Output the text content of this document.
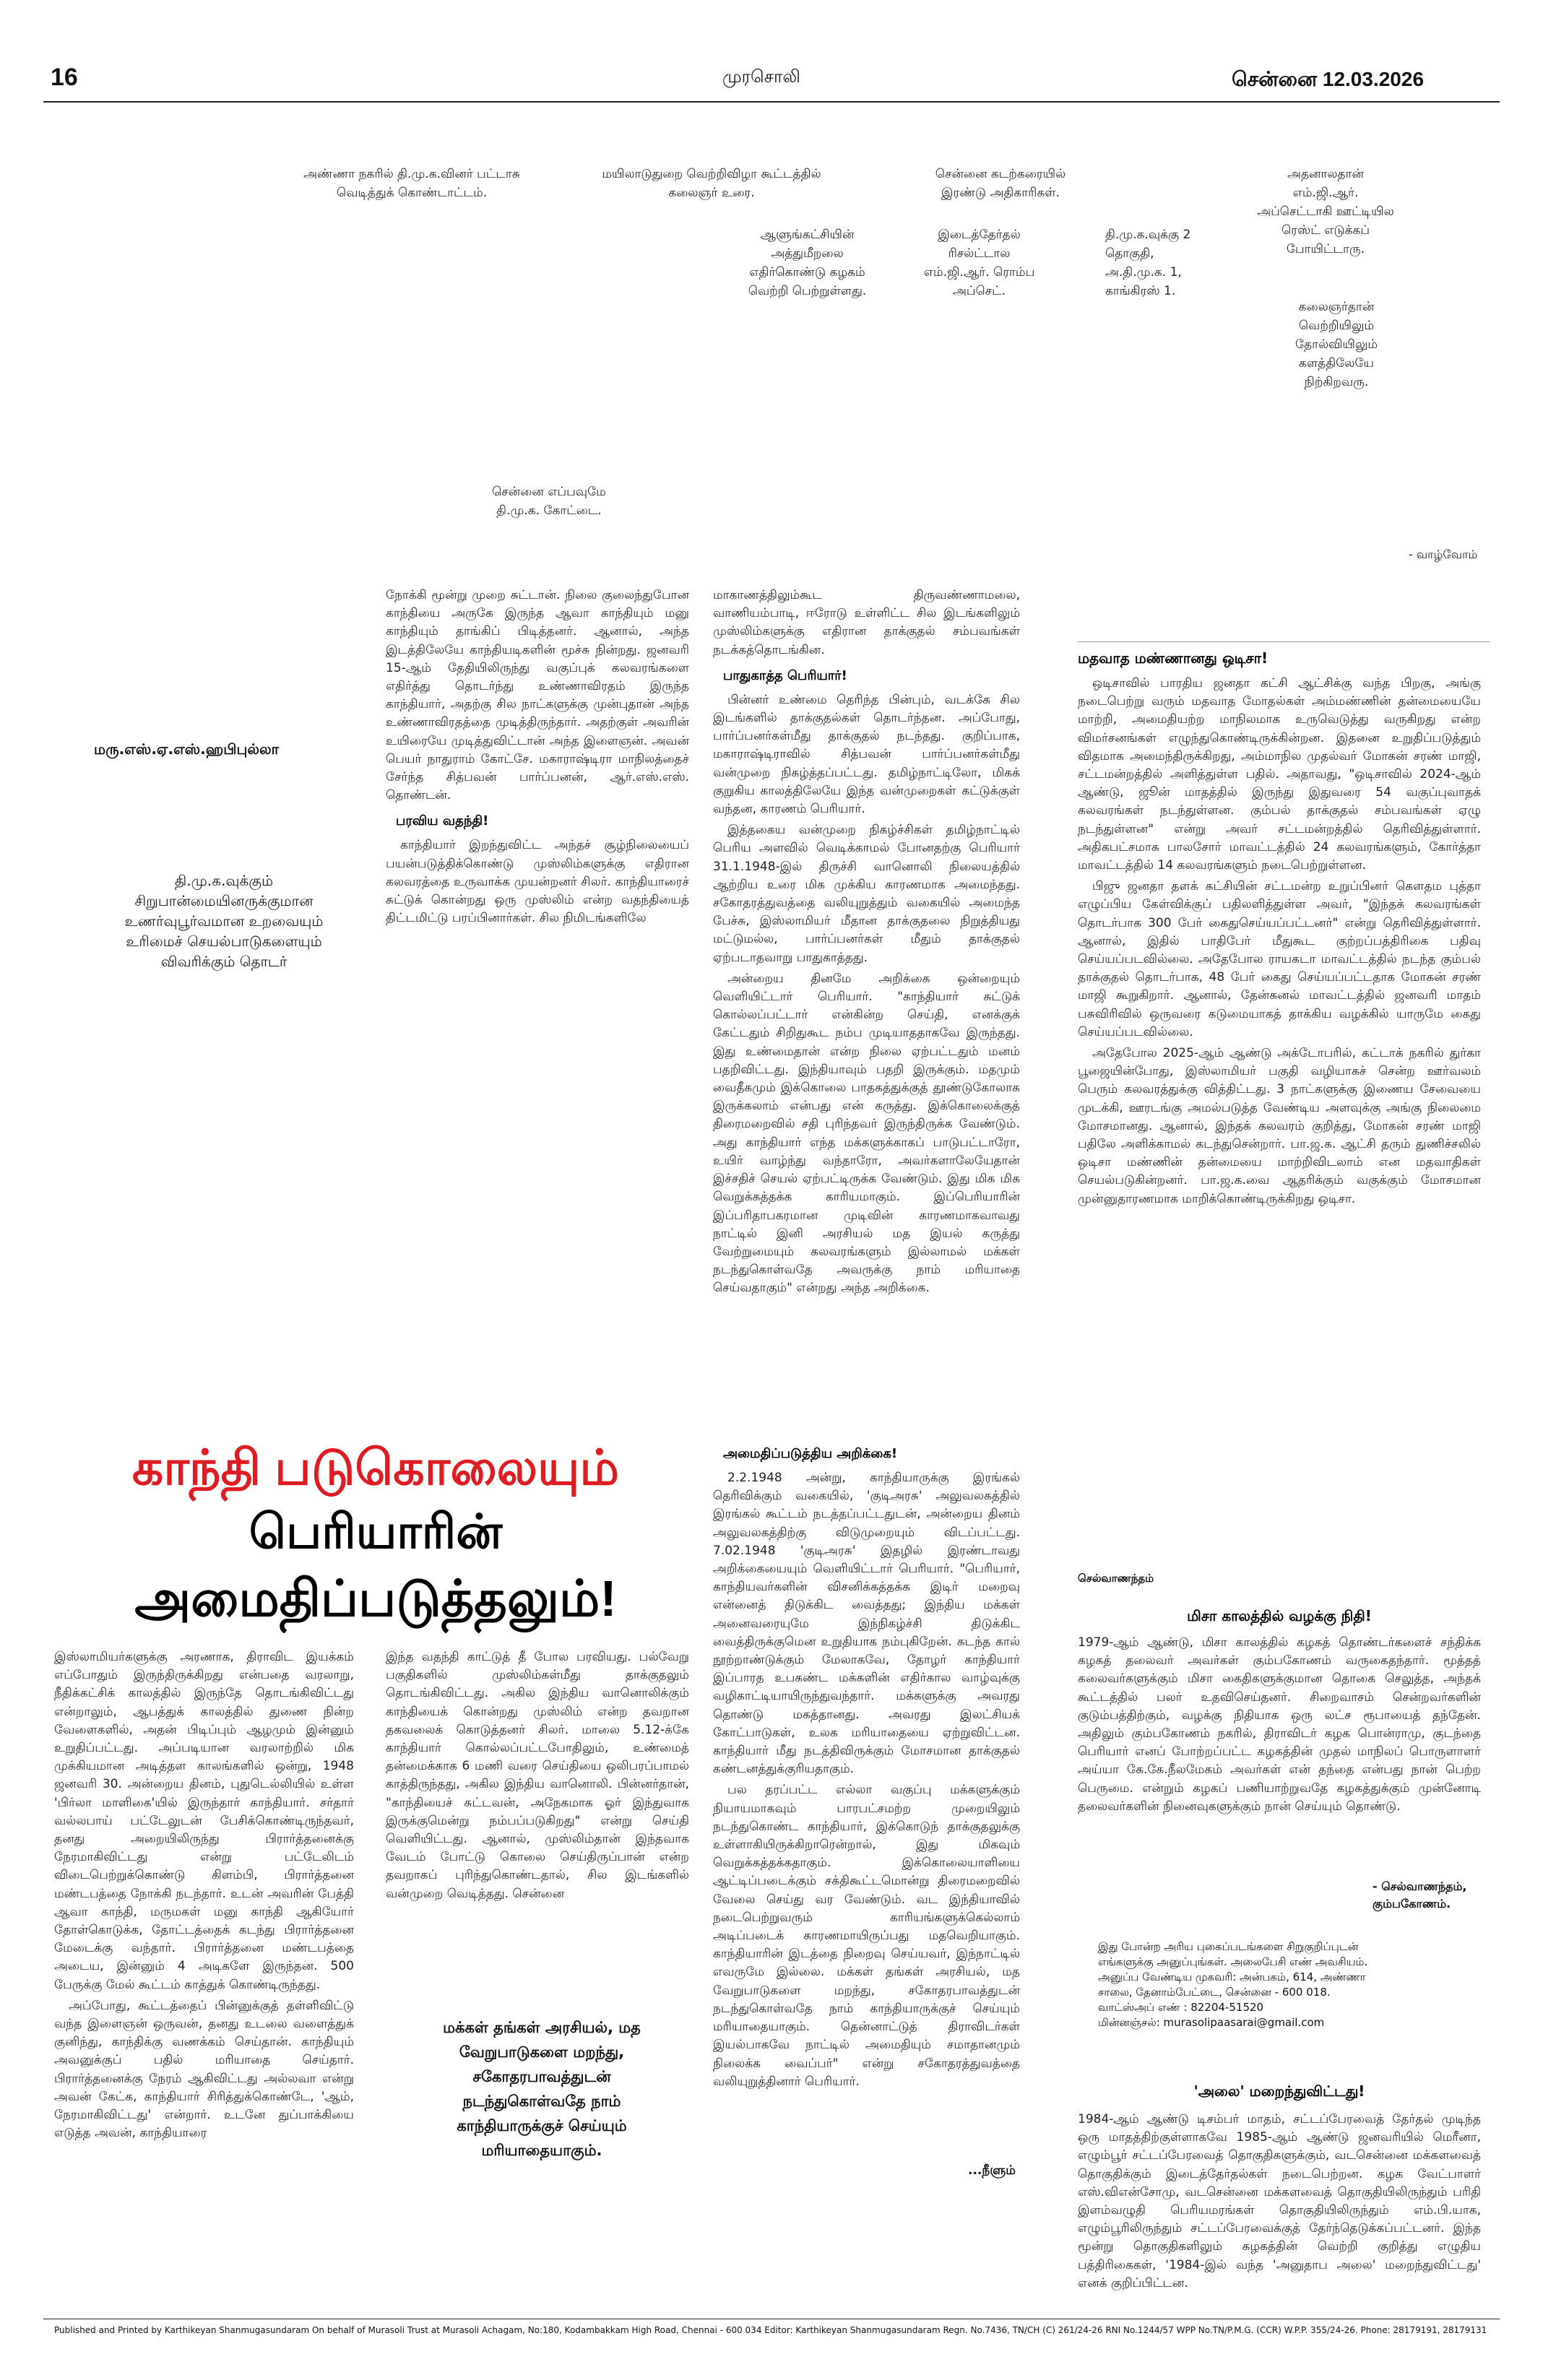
16	முரசொலி	சென்னை 12.03.2026
அண்ணா நகரில் தி.மு.க.வினர் பட்டாசு வெடித்துக் கொண்டாட்டம்.
மயிலாடுதுறை வெற்றிவிழா கூட்டத்தில் கலைஞர் உரை.
சென்னை கடற்கரையில் இரண்டு அதிகாரிகள்.
அதனாலதான் எம்.ஜி.ஆர். அப்செட்டாகி ஊட்டியில ரெஸ்ட் எடுக்கப் போயிட்டாரு.
ஆளுங்கட்சியின் அத்துமீறலை எதிர்கொண்டு கழகம் வெற்றி பெற்றுள்ளது.
இடைத்தேர்தல் ரிசல்ட்டால எம்.ஜி.ஆர். ரொம்ப அப்செட்.
தி.மு.க.வுக்கு 2 தொகுதி, அ.தி.மு.க. 1, காங்கிரஸ் 1.
கலைஞர்தான் வெற்றியிலும் தோல்வியிலும் களத்திலேயே நிற்கிறவரு.
சென்னை எப்பவுமே தி.மு.க. கோட்டை.
- வாழ்வோம்
மரு.எஸ்.ஏ.எஸ்.ஹபிபுல்லா
தி.மு.க.வுக்கும் சிறுபான்மையினருக்குமான உணர்வுபூர்வமான உறவையும் உரிமைச் செயல்பாடுகளையும் விவரிக்கும் தொடர்

நோக்கி மூன்று முறை சுட்டான். நிலை குலைந்துபோன காந்தியை அருகே இருந்த ஆவா காந்தியும் மனு காந்தியும் தாங்கிப் பிடித்தனர். ஆனால், அந்த இடத்திலேயே காந்தியடிகளின் மூச்சு நின்றது. ஜனவரி 15-ஆம் தேதியிலிருந்து வகுப்புக் கலவரங்களை எதிர்த்து தொடர்ந்து உண்ணாவிரதம் இருந்த காந்தியார், அதற்கு சில நாட்களுக்கு முன்புதான் அந்த உண்ணாவிரதத்தை முடித்திருந்தார். அதற்குள் அவரின் உயிரையே முடித்துவிட்டான் அந்த இளைஞன். அவன் பெயர் நாதுராம் கோட்சே. மகாராஷ்டிரா மாநிலத்தைச் சேர்ந்த சித்பவன் பார்ப்பனன், ஆர்.எஸ்.எஸ். தொண்டன்.

பரவிய வதந்தி!

காந்தியார் இறந்துவிட்ட அந்தச் சூழ்நிலையைப் பயன்படுத்திக்கொண்டு முஸ்லிம்களுக்கு எதிரான கலவரத்தை உருவாக்க முயன்றனர் சிலர். காந்தியாரைச் சுட்டுக் கொன்றது ஒரு முஸ்லிம் என்ற வதந்தியைத் திட்டமிட்டு பரப்பினார்கள். சில நிமிடங்களிலே

மாகாணத்திலும்கூட திருவண்ணாமலை, வாணியம்பாடி, ஈரோடு உள்ளிட்ட சில இடங்களிலும் முஸ்லிம்களுக்கு எதிரான தாக்குதல் சம்பவங்கள் நடக்கத்தொடங்கின.

பாதுகாத்த பெரியார்!

பின்னர் உண்மை தெரிந்த பின்பும், வடக்கே சில இடங்களில் தாக்குதல்கள் தொடர்ந்தன. அப்போது, பார்ப்பனர்கள்மீது தாக்குதல் நடந்தது. குறிப்பாக, மகாராஷ்டிராவில் சித்பவன் பார்ப்பனர்கள்மீது வன்முறை நிகழ்த்தப்பட்டது. தமிழ்நாட்டிலோ, மிகக் குறுகிய காலத்திலேயே இந்த வன்முறைகள் கட்டுக்குள் வந்தன, காரணம் பெரியார்.

இத்தகைய வன்முறை நிகழ்ச்சிகள் தமிழ்நாட்டில் பெரிய அளவில் வெடிக்காமல் போனதற்கு பெரியார் 31.1.1948-இல் திருச்சி வானொலி நிலையத்தில் ஆற்றிய உரை மிக முக்கிய காரணமாக அமைந்தது. சகோதரத்துவத்தை வலியுறுத்தும் வகையில் அமைந்த பேச்சு, இஸ்லாமியர் மீதான தாக்குதலை நிறுத்தியது மட்டுமல்ல, பார்ப்பனர்கள் மீதும் தாக்குதல் ஏற்படாதவாறு பாதுகாத்தது.

அன்றைய தினமே அறிக்கை ஒன்றையும் வெளியிட்டார் பெரியார். "காந்தியார் சுட்டுக் கொல்லப்பட்டார் என்கின்ற செய்தி, எனக்குக் கேட்டதும் சிறிதுகூட நம்ப முடியாததாகவே இருந்தது. இது உண்மைதான் என்ற நிலை ஏற்பட்டதும் மனம் பதறிவிட்டது. இந்தியாவும் பதறி இருக்கும். மதமும் வைதீகமும் இக்கொலை பாதகத்துக்குத் தூண்டுகோலாக இருக்கலாம் என்பது என் கருத்து. இக்கொலைக்குத் திரைமறைவில் சதி புரிந்தவர் இருந்திருக்க வேண்டும். அது காந்தியார் எந்த மக்களுக்காகப் பாடுபட்டாரோ, உயிர் வாழ்ந்து வந்தாரோ, அவர்களாலேயேதான் இச்சதிச் செயல் ஏற்பட்டிருக்க வேண்டும். இது மிக மிக வெறுக்கத்தக்க காரியமாகும். இப்பெரியாரின் இப்பரிதாபகரமான முடிவின் காரணமாகவாவது நாட்டில் இனி அரசியல் மத இயல் கருத்து வேற்றுமையும் கலவரங்களும் இல்லாமல் மக்கள் நடந்துகொள்வதே அவருக்கு நாம் மரியாதை செய்வதாகும்" என்றது அந்த அறிக்கை.

அமைதிப்படுத்திய அறிக்கை!

2.2.1948 அன்று, காந்தியாருக்கு இரங்கல் தெரிவிக்கும் வகையில், 'குடிஅரசு' அலுவலகத்தில் இரங்கல் கூட்டம் நடத்தப்பட்டதுடன், அன்றைய தினம் அலுவலகத்திற்கு விடுமுறையும் விடப்பட்டது. 7.02.1948 'குடிஅரசு' இதழில் இரண்டாவது அறிக்கையையும் வெளியிட்டார் பெரியார். "பெரியார், காந்தியவர்களின் விசனிக்கத்தக்க இடிர் மறைவு என்னைத் திடுக்கிட வைத்தது; இந்திய மக்கள் அனைவரையுமே இந்நிகழ்ச்சி திடுக்கிட வைத்திருக்குமென உறுதியாக நம்புகிறேன். கடந்த கால் நூற்றாண்டுக்கும் மேலாகவே, தோழர் காந்தியார் இப்பாரத உபகண்ட மக்களின் எதிர்கால வாழ்வுக்கு வழிகாட்டியாயிருந்துவந்தார். மக்களுக்கு அவரது தொண்டு மகத்தானது. அவரது இலட்சியக் கோட்பாடுகள், உலக மரியாதையை ஏற்றுவிட்டன. காந்தியார் மீது நடத்திவிருக்கும் மோசமான தாக்குதல் கண்டனத்துக்குரியதாகும்.

பல தரப்பட்ட எல்லா வகுப்பு மக்களுக்கும் நியாயமாகவும் பாரபட்சமற்ற முறையிலும் நடந்துகொண்ட காந்தியார், இக்கொடுந் தாக்குதலுக்கு உள்ளாகியிருக்கிறாரென்றால், இது மிகவும் வெறுக்கத்தக்கதாகும். இக்கொலையாளியை ஆட்டிப்படைக்கும் சக்திகூட்டமொன்று திரைமறைவில் வேலை செய்து வர வேண்டும். வட இந்தியாவில் நடைபெற்றுவரும் காரியங்களுக்கெல்லாம் அடிப்படைக் காரணமாயிருப்பது மதவெறியாகும். காந்தியாரின் இடத்தை நிறைவு செய்யவர், இந்நாட்டில் எவருமே இல்லை. மக்கள் தங்கள் அரசியல், மத வேறுபாடுகளை மறந்து, சகோதரபாவத்துடன் நடந்துகொள்வதே நாம் காந்தியாருக்குச் செய்யும் மரியாதையாகும். தென்னாட்டுத் திராவிடர்கள் இயல்பாகவே நாட்டில் அமைதியும் சமாதானமும் நிலைக்க வைப்பர்" என்று சகோதரத்துவத்தை வலியுறுத்தினார் பெரியார்.

...நீளும்
காந்தி படுகொலையும்
பெரியாரின்
அமைதிப்படுத்தலும்!

இஸ்லாமியர்களுக்கு அரணாக, திராவிட இயக்கம் எப்போதும் இருந்திருக்கிறது என்பதை வரலாறு, நீதிக்கட்சிக் காலத்தில் இருந்தே தொடங்கிவிட்டது என்றாலும், ஆபத்துக் காலத்தில் துணை நின்ற வேளைகளில், அதன் பிடிப்பும் ஆழமும் இன்னும் உறுதிப்பட்டது. அப்படியான வரலாற்றில் மிக முக்கியமான அடித்தள காலங்களில் ஒன்று, 1948 ஜனவரி 30. அன்றைய தினம், புதுடெல்லியில் உள்ள 'பிர்லா மாளிகை'யில் இருந்தார் காந்தியார். சர்தார் வல்லபாய் பட்டேலுடன் பேசிக்கொண்டிருந்தவர், தனது அறையிலிருந்து பிரார்த்தனைக்கு நேரமாகிவிட்டது என்று பட்டேலிடம் விடைபெற்றுக்கொண்டு கிளம்பி, பிரார்த்தனை மண்டபத்தை நோக்கி நடந்தார். உடன் அவரின் பேத்தி ஆவா காந்தி, மருமகள் மனு காந்தி ஆகியோர் தோள்கொடுக்க, தோட்டத்தைக் கடந்து பிரார்த்தனை மேடைக்கு வந்தார். பிரார்த்தனை மண்டபத்தை அடைய, இன்னும் 4 அடிகளே இருந்தன. 500 பேருக்கு மேல் கூட்டம் காத்துக் கொண்டிருந்தது.

அப்போது, கூட்டத்தைப் பின்னுக்குத் தள்ளிவிட்டு வந்த இளைஞன் ஒருவன், தனது உடலை வளைத்துக் குனிந்து, காந்திக்கு வணக்கம் செய்தான். காந்தியும் அவனுக்குப் பதில் மரியாதை செய்தார். பிரார்த்தனைக்கு நேரம் ஆகிவிட்டது அல்லவா என்று அவன் கேட்க, காந்தியார் சிரித்துக்கொண்டே, 'ஆம், நேரமாகிவிட்டது' என்றார். உடனே துப்பாக்கியை எடுத்த அவன், காந்தியாரை

இந்த வதந்தி காட்டுத் தீ போல பரவியது. பல்வேறு பகுதிகளில் முஸ்லிம்கள்மீது தாக்குதலும் தொடங்கிவிட்டது. அகில இந்திய வானொலிக்கும் காந்தியைக் கொன்றது முஸ்லிம் என்ற தவறான தகவலைக் கொடுத்தனர் சிலர். மாலை 5.12-க்கே காந்தியார் கொல்லப்பட்டபோதிலும், உண்மைத் தன்மைக்காக 6 மணி வரை செய்தியை ஒலிபரப்பாமல் காத்திருந்தது, அகில இந்திய வானொலி. பின்னர்தான், "காந்தியைச் சுட்டவன், அநேகமாக ஓர் இந்துவாக இருக்குமென்று நம்பப்படுகிறது" என்று செய்தி வெளியிட்டது. ஆனால், முஸ்லிம்தான் இந்தவாக வேடம் போட்டு கொலை செய்திருப்பான் என்ற தவறாகப் புரிந்துகொண்டதால், சில இடங்களில் வன்முறை வெடித்தது. சென்னை

மக்கள் தங்கள் அரசியல், மத வேறுபாடுகளை மறந்து, சகோதரபாவத்துடன் நடந்துகொள்வதே நாம் காந்தியாருக்குச் செய்யும் மரியாதையாகும்.
மதவாத மண்ணானது ஒடிசா!

ஒடிசாவில் பாரதிய ஜனதா கட்சி ஆட்சிக்கு வந்த பிறகு, அங்கு நடைபெற்று வரும் மதவாத மோதல்கள் அம்மண்ணின் தன்மையையே மாற்றி, அமைதியற்ற மாநிலமாக உருவெடுத்து வருகிறது என்ற விமர்சனங்கள் எழுந்துகொண்டிருக்கின்றன. இதனை உறுதிப்படுத்தும் விதமாக அமைந்திருக்கிறது, அம்மாநில முதல்வர் மோகன் சரண் மாஜி, சட்டமன்றத்தில் அளித்துள்ள பதில். அதாவது, "ஒடிசாவில் 2024-ஆம் ஆண்டு, ஜூன் மாதத்தில் இருந்து இதுவரை 54 வகுப்புவாதக் கலவரங்கள் நடந்துள்ளன. கும்பல் தாக்குதல் சம்பவங்கள் ஏழு நடந்துள்ளன" என்று அவர் சட்டமன்றத்தில் தெரிவித்துள்ளார். அதிகபட்சமாக பாலசோர் மாவட்டத்தில் 24 கலவரங்களும், கோர்த்தா மாவட்டத்தில் 14 கலவரங்களும் நடைபெற்றுள்ளன.

பிஜு ஜனதா தளக் கட்சியின் சட்டமன்ற உறுப்பினர் கௌதம புத்தா எழுப்பிய கேள்விக்குப் பதிலளித்துள்ள அவர், "இந்தக் கலவரங்கள் தொடர்பாக 300 பேர் கைதுசெய்யப்பட்டனர்" என்று தெரிவித்துள்ளார். ஆனால், இதில் பாதிபேர் மீதுகூட குற்றப்பத்திரிகை பதிவு செய்யப்படவில்லை. அதேபோல ராயகடா மாவட்டத்தில் நடந்த கும்பல் தாக்குதல் தொடர்பாக, 48 பேர் கைது செய்யப்பட்டதாக மோகன் சரண் மாஜி கூறுகிறார். ஆனால், தேன்கனல் மாவட்டத்தில் ஜனவரி மாதம் பசுவிரிவில் ஒருவரை கடுமையாகத் தாக்கிய வழக்கில் யாருமே கைது செய்யப்படவில்லை.

அதேபோல 2025-ஆம் ஆண்டு அக்டோபரில், கட்டாக் நகரில் துர்கா பூஜையின்போது, இஸ்லாமியர் பகுதி வழியாகச் சென்ற ஊர்வலம் பெரும் கலவரத்துக்கு வித்திட்டது. 3 நாட்களுக்கு இணைய சேவையை முடக்கி, ஊரடங்கு அமல்படுத்த வேண்டிய அளவுக்கு அங்கு நிலைமை மோசமானது. ஆனால், இந்தக் கலவரம் குறித்து, மோகன் சரண் மாஜி பதிலே அளிக்காமல் கடந்துசென்றார். பா.ஜ.க. ஆட்சி தரும் துணிச்சலில் ஒடிசா மண்ணின் தன்மையை மாற்றிவிடலாம் என மதவாதிகள் செயல்படுகின்றனர். பா.ஜ.க.வை ஆதரிக்கும் வகுக்கும் மோசமான முன்னுதாரணமாக மாறிக்கொண்டிருக்கிறது ஒடிசா.

செல்வாணந்தம்
மிசா காலத்தில் வழக்கு நிதி!

1979-ஆம் ஆண்டு, மிசா காலத்தில் கழகத் தொண்டர்களைச் சந்திக்க கழகத் தலைவர் அவர்கள் கும்பகோணம் வருகைதந்தார். மூத்தத் கலைவர்களுக்கும் மிசா கைதிகளுக்குமான தொகை செலுத்த, அந்தக் கூட்டத்தில் பலர் உதவிசெய்தனர். சிறைவாசம் சென்றவர்களின் குடும்பத்திற்கும், வழக்கு நிதியாக ஒரு லட்ச ரூபாயைத் தந்தேன். அதிலும் கும்பகோணம் நகரில், திராவிடர் கழக பொன்ராமு, குடந்தை பெரியார் எனப் போற்றப்பட்ட கழகத்தின் முதல் மாநிலப் பொருளாளர் அய்யா கே.கே.நீலமேகம் அவர்கள் என் தந்தை என்பது நான் பெற்ற பெருமை. என்றும் கழகப் பணியாற்றுவதே கழகத்துக்கும் முன்னோடி தலைவர்களின் நினைவுகளுக்கும் நான் செய்யும் தொண்டு.

- செல்வாணந்தம், கும்பகோணம்.
இது போன்ற அரிய புகைப்படங்களை சிறுகுறிப்புடன் எங்களுக்கு அனுப்புங்கள். அலைபேசி எண் அவசியம்.
அனுப்ப வேண்டிய முகவரி: அன்பகம், 614, அண்ணா சாலை, தேனாம்பேட்டை, சென்னை - 600 018.
வாட்ஸ்அப் எண் : 82204-51520
மின்னஞ்சல்: murasolipaasarai@gmail.com
'அலை' மறைந்துவிட்டது!

1984-ஆம் ஆண்டு டிசம்பர் மாதம், சட்டப்பேரவைத் தேர்தல் முடிந்த ஒரு மாதத்திற்குள்ளாகவே 1985-ஆம் ஆண்டு ஜனவரியில் மெரீனா, எழும்பூர் சட்டப்பேரவைத் தொகுதிகளுக்கும், வடசென்னை மக்களவைத் தொகுதிக்கும் இடைத்தேர்தல்கள் நடைபெற்றன. கழக வேட்பாளர் எஸ்.விஎன்சோமு, வடசென்னை மக்களவைத் தொகுதியிலிருந்தும் பரிதி இளம்வழுதி பெரியமரங்கள் தொகுதியிலிருந்தும் எம்.பி.யாக, எழும்பூரிலிருந்தும் சட்டப்பேரவைக்குத் தேர்ந்தெடுக்கப்பட்டனர். இந்த மூன்று தொகுதிகளிலும் கழகத்தின் வெற்றி குறித்து எழுதிய பத்திரிகைகள், '1984-இல் வந்த 'அனுதாப அலை' மறைந்துவிட்டது' எனக் குறிப்பிட்டன.

Published and Printed by Karthikeyan Shanmugasundaram On behalf of Murasoli Trust at Murasoli Achagam, No:180, Kodambakkam High Road, Chennai - 600 034 Editor: Karthikeyan Shanmugasundaram Regn. No.7436, TN/CH (C) 261/24-26 RNI No.1244/57 WPP No.TN/P.M.G. (CCR) W.P.P. 355/24-26. Phone: 28179191, 28179131
